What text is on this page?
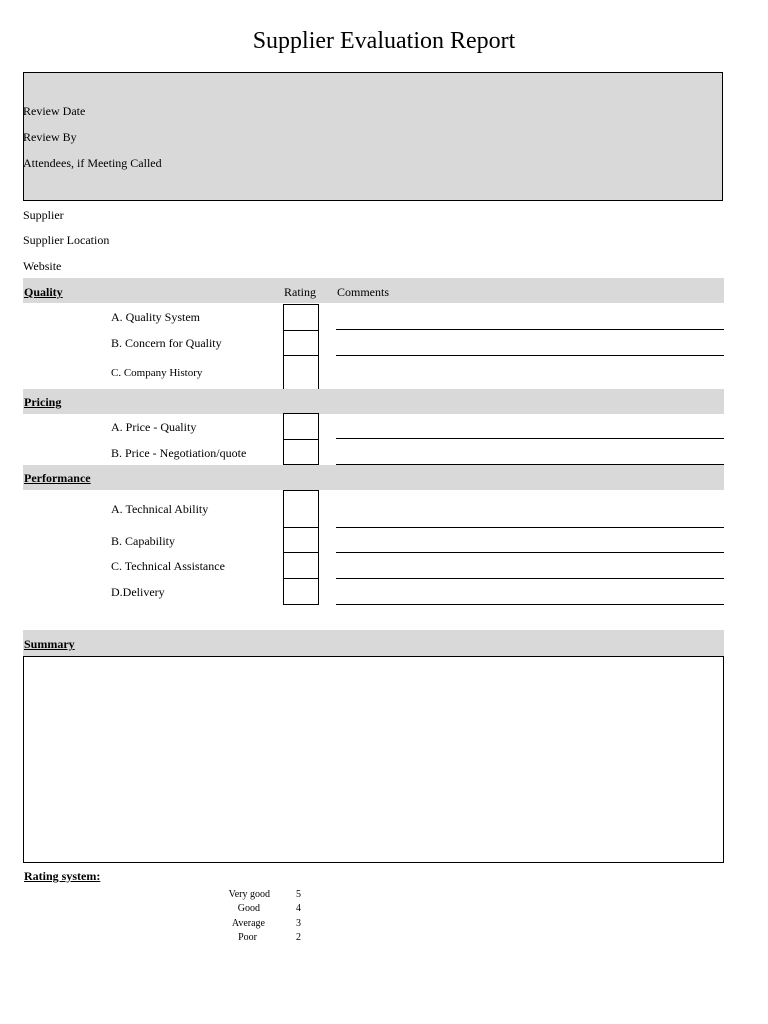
Supplier Evaluation Report
Review Date
Review By
Attendees, if Meeting Called
Supplier
Supplier Location
Website
Quality	Rating Comments
A. Quality System
B. Concern for Quality
C. Company History
Pricing
A. Price - Quality
B. Price - Negotiation/quote
Performance
A. Technical Ability
B. Capability
C. Technical Assistance
D.Delivery
Summary
Rating system:
Very good	5
Good	4
Average	3
Poor	2
